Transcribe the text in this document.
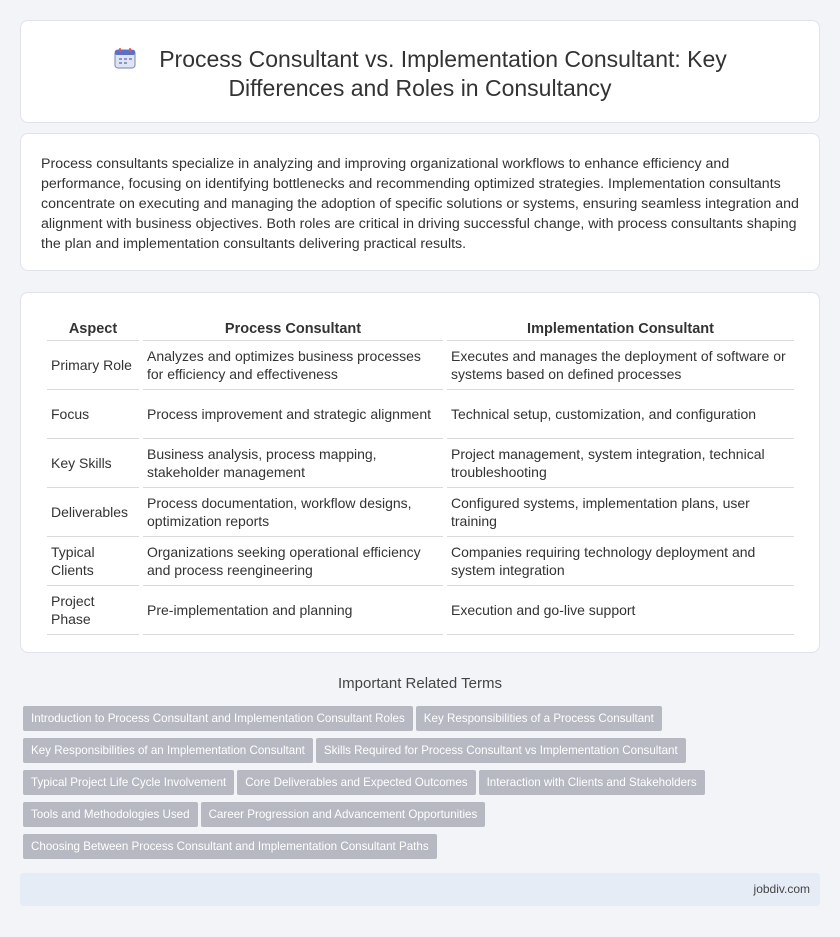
Process Consultant vs. Implementation Consultant: Key
Differences and Roles in Consultancy

Process consultants specialize in analyzing and improving organizational workflows to enhance efficiency and performance, focusing on identifying bottlenecks and recommending optimized strategies. Implementation consultants concentrate on executing and managing the adoption of specific solutions or systems, ensuring seamless integration and alignment with business objectives. Both roles are critical in driving successful change, with process consultants shaping the plan and implementation consultants delivering practical results.

Aspect	Process Consultant	Implementation Consultant
Primary Role	Analyzes and optimizes business processes for efficiency and effectiveness	Executes and manages the deployment of software or systems based on defined processes
Focus	Process improvement and strategic alignment	Technical setup, customization, and configuration
Key Skills	Business analysis, process mapping, stakeholder management	Project management, system integration, technical troubleshooting
Deliverables	Process documentation, workflow designs, optimization reports	Configured systems, implementation plans, user training
Typical Clients	Organizations seeking operational efficiency and process reengineering	Companies requiring technology deployment and system integration
Project Phase	Pre-implementation and planning	Execution and go-live support
Important Related Terms
Introduction to Process Consultant and Implementation Consultant Roles Key Responsibilities of a Process Consultant
Key Responsibilities of an Implementation Consultant Skills Required for Process Consultant vs Implementation Consultant
Typical Project Life Cycle Involvement Core Deliverables and Expected Outcomes Interaction with Clients and Stakeholders
Tools and Methodologies Used Career Progression and Advancement Opportunities
Choosing Between Process Consultant and Implementation Consultant Paths
jobdiv.com
